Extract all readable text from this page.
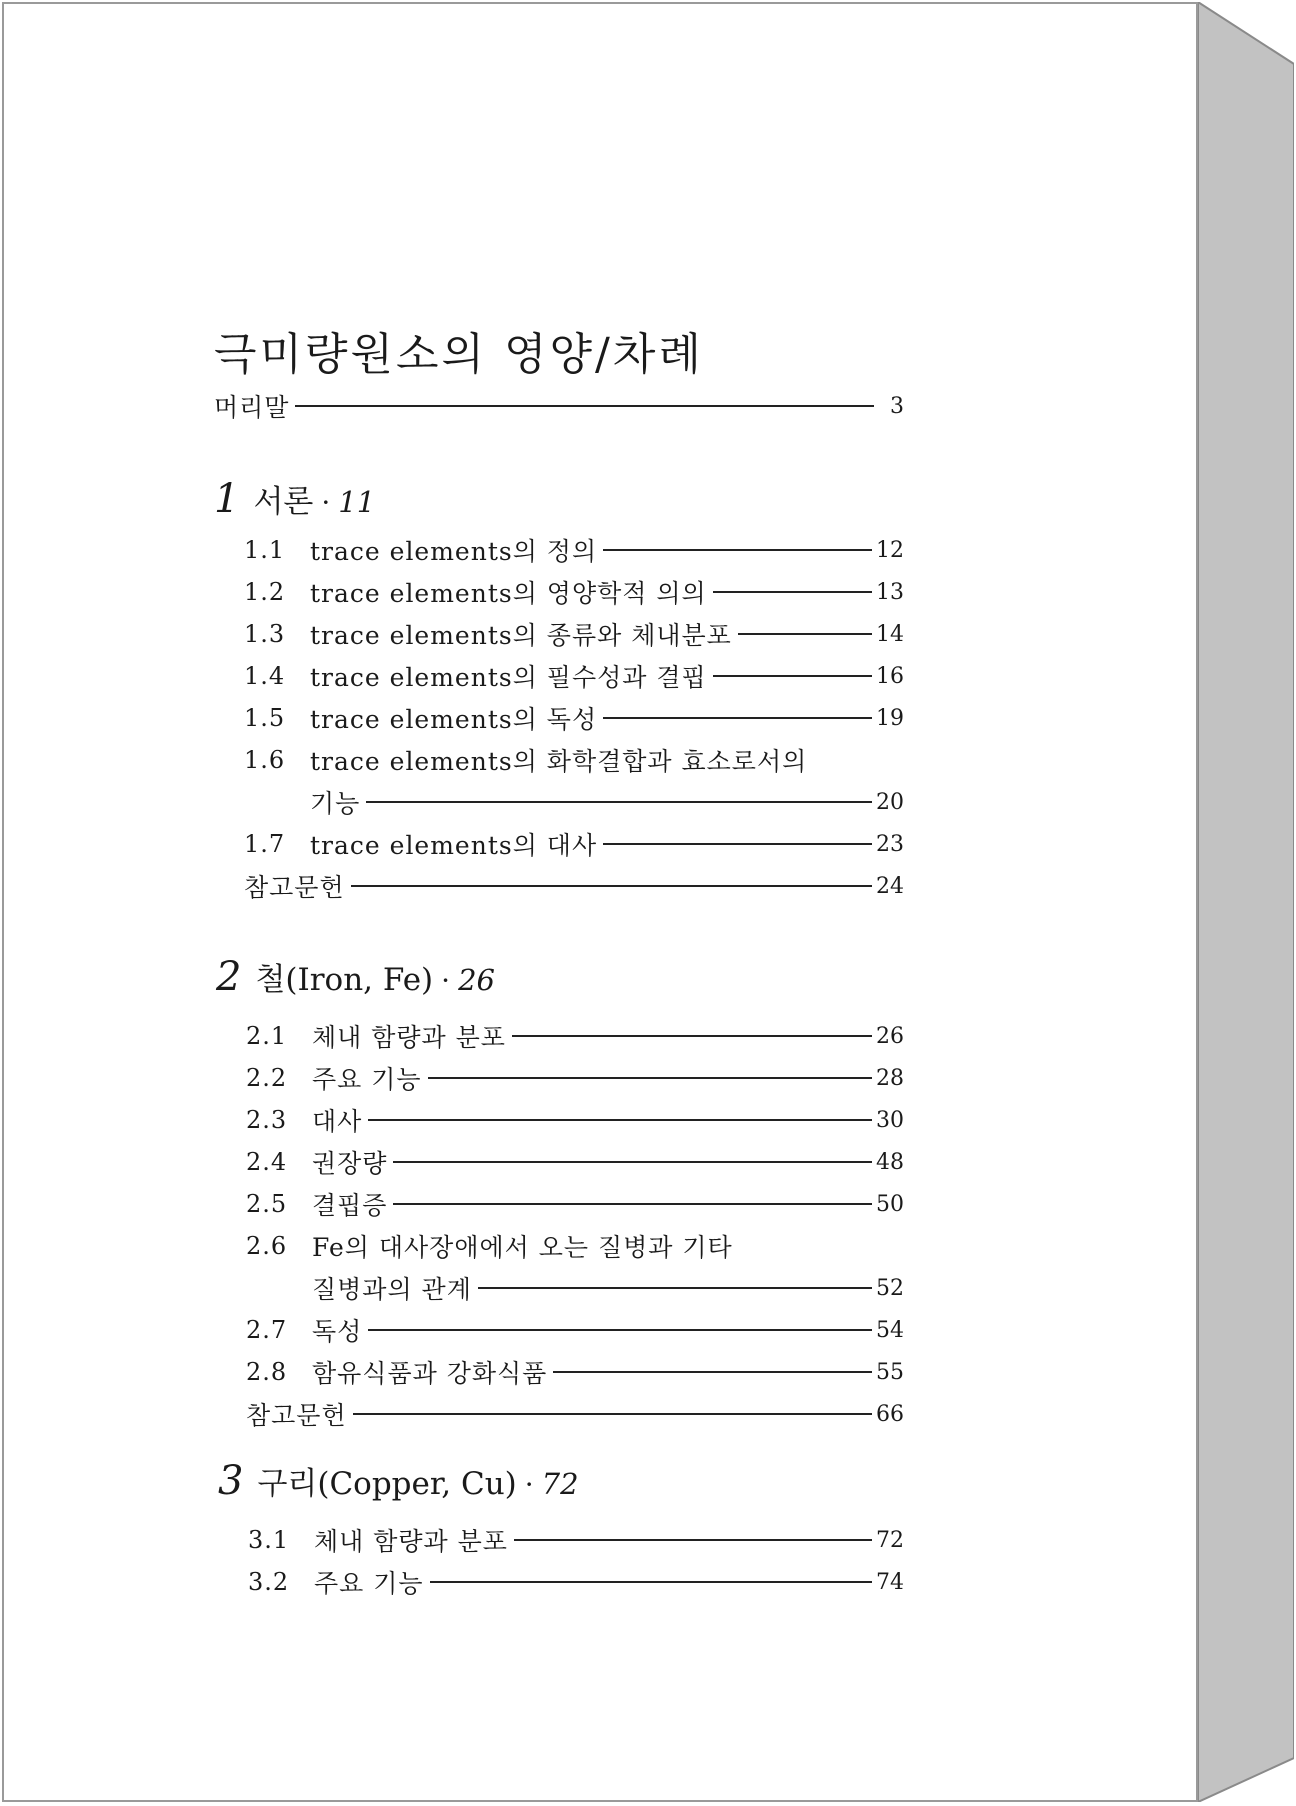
극미량원소의 영양/차례
머리말	3
1 서론 · 11
1.1 trace elements의 정의	12
1.2 trace elements의 영양학적 의의	13
1.3 trace elements의 종류와 체내분포	14
1.4 trace elements의 필수성과 결핍	16
1.5 trace elements의 독성	19
1.6 trace elements의 화학결합과 효소로서의
기능	20
1.7 trace elements의 대사	23
참고문헌	24
2 철(Iron, Fe) · 26
2.1 체내 함량과 분포	26
2.2 주요 기능	28
2.3 대사	30
2.4 권장량	48
2.5 결핍증	50
2.6 Fe의 대사장애에서 오는 질병과 기타
질병과의 관계	52
2.7 독성	54
2.8 함유식품과 강화식품	55
참고문헌	66
3 구리(Copper, Cu) · 72
3.1 체내 함량과 분포	72
3.2 주요 기능	74
